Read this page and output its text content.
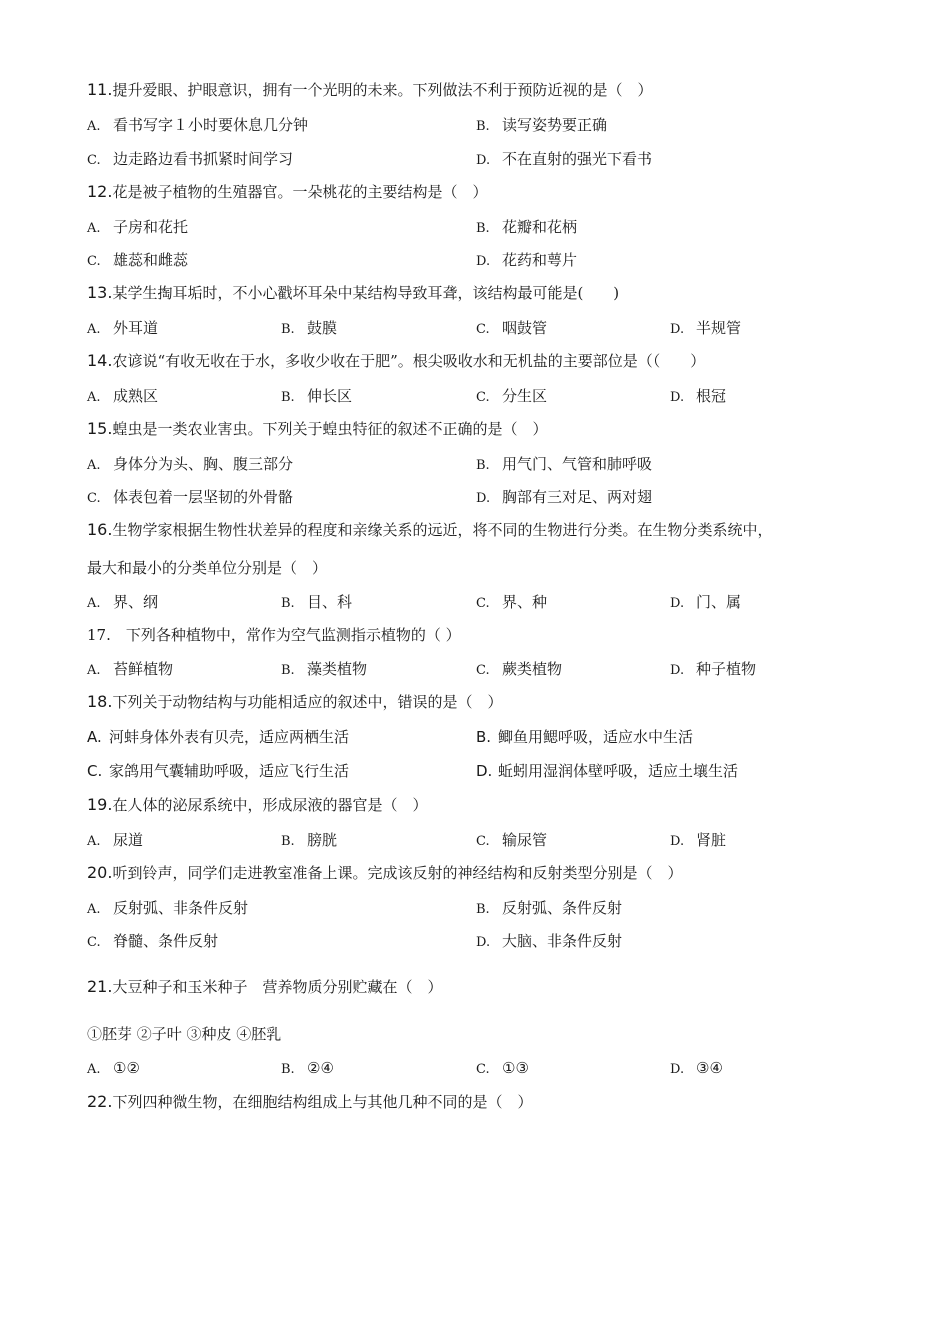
11.提升爱眼、护眼意识，拥有一个光明的未来。下列做法不利于预防近视的是（　）
A. 看书写字１小时要休息几分钟	B. 读写姿势要正确
C. 边走路边看书抓紧时间学习	D. 不在直射的强光下看书
12.花是被子植物的生殖器官。一朵桃花的主要结构是（　）
A. 子房和花托	B. 花瓣和花柄
C. 雄蕊和雌蕊	D. 花药和萼片
13.某学生掏耳垢时，不小心戳坏耳朵中某结构导致耳聋，该结构最可能是(　　)
A. 外耳道	B. 鼓膜	C. 咽鼓管	D. 半规管
14.农谚说“有收无收在于水，多收少收在于肥”。根尖吸收水和无机盐的主要部位是（（　　）
A. 成熟区	B. 伸长区	C. 分生区	D. 根冠
15.蝗虫是一类农业害虫。下列关于蝗虫特征的叙述不正确的是（　）
A. 身体分为头、胸、腹三部分	B. 用气门、气管和肺呼吸
C. 体表包着一层坚韧的外骨骼	D. 胸部有三对足、两对翅
16.生物学家根据生物性状差异的程度和亲缘关系的远近，将不同的生物进行分类。在生物分类系统中，
最大和最小的分类单位分别是（　）
A. 界、纲	B. 目、科	C. 界、种	D. 门、属
17.　下列各种植物中，常作为空气监测指示植物的（ ）
A. 苔鲜植物	B. 藻类植物	C. 蕨类植物	D. 种子植物
18.下列关于动物结构与功能相适应的叙述中，错误的是（　）
A. 河蚌身体外表有贝壳，适应两栖生活	B. 鲫鱼用鳃呼吸，适应水中生活
C. 家鸽用气囊辅助呼吸，适应飞行生活	D. 蚯蚓用湿润体壁呼吸，适应土壤生活
19.在人体的泌尿系统中，形成尿液的器官是（　）
A. 尿道	B. 膀胱	C. 输尿管	D. 肾脏
20.听到铃声，同学们走进教室准备上课。完成该反射的神经结构和反射类型分别是（　）
A. 反射弧、非条件反射	B. 反射弧、条件反射
C. 脊髓、条件反射	D. 大脑、非条件反射
21.大豆种子和玉米种子　营养物质分别贮藏在（　）
①胚芽 ②子叶 ③种皮 ④胚乳
A. ①②	B. ②④	C. ①③	D. ③④
22.下列四种微生物，在细胞结构组成上与其他几种不同的是（　）
